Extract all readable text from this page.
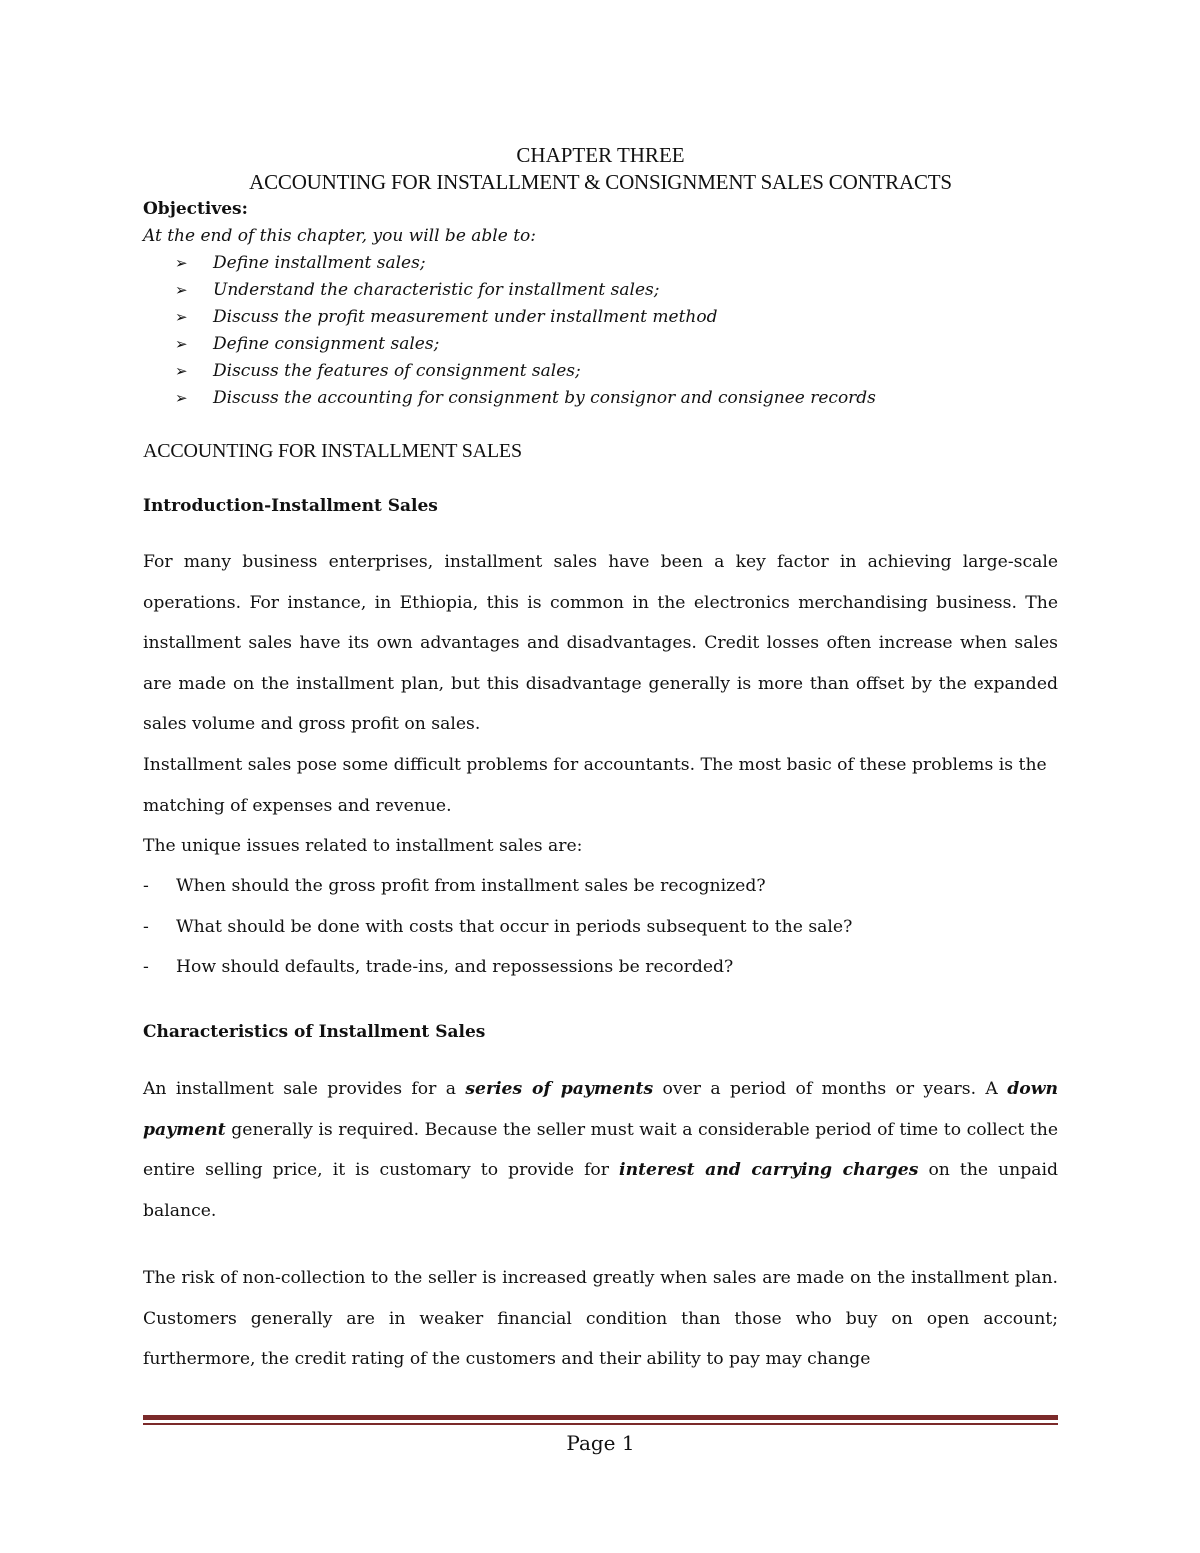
CHAPTER THREE
ACCOUNTING FOR INSTALLMENT & CONSIGNMENT SALES CONTRACTS

Objectives:

At the end of this chapter, you will be able to:

➢	Define installment sales;
➢	Understand the characteristic for installment sales;
➢	Discuss the profit measurement under installment method
➢	Define consignment sales;
➢	Discuss the features of consignment sales;
➢	Discuss the accounting for consignment by consignor and consignee records
ACCOUNTING FOR INSTALLMENT SALES
Introduction-Installment Sales

For many business enterprises, installment sales have been a key factor in achieving large-scale operations. For instance, in Ethiopia, this is common in the electronics merchandising business. The installment sales have its own advantages and disadvantages. Credit losses often increase when sales are made on the installment plan, but this disadvantage generally is more than offset by the expanded sales volume and gross profit on sales.

Installment sales pose some difficult problems for accountants. The most basic of these problems is the matching of expenses and revenue.

The unique issues related to installment sales are:

-	When should the gross profit from installment sales be recognized?
-	What should be done with costs that occur in periods subsequent to the sale?
-	How should defaults, trade-ins, and repossessions be recorded?
Characteristics of Installment Sales

An installment sale provides for a series of payments over a period of months or years. A down payment generally is required. Because the seller must wait a considerable period of time to collect the entire selling price, it is customary to provide for interest and carrying charges on the unpaid balance.

The risk of non-collection to the seller is increased greatly when sales are made on the installment plan. Customers generally are in weaker financial condition than those who buy on open account; furthermore, the credit rating of the customers and their ability to pay may change

Page 1
